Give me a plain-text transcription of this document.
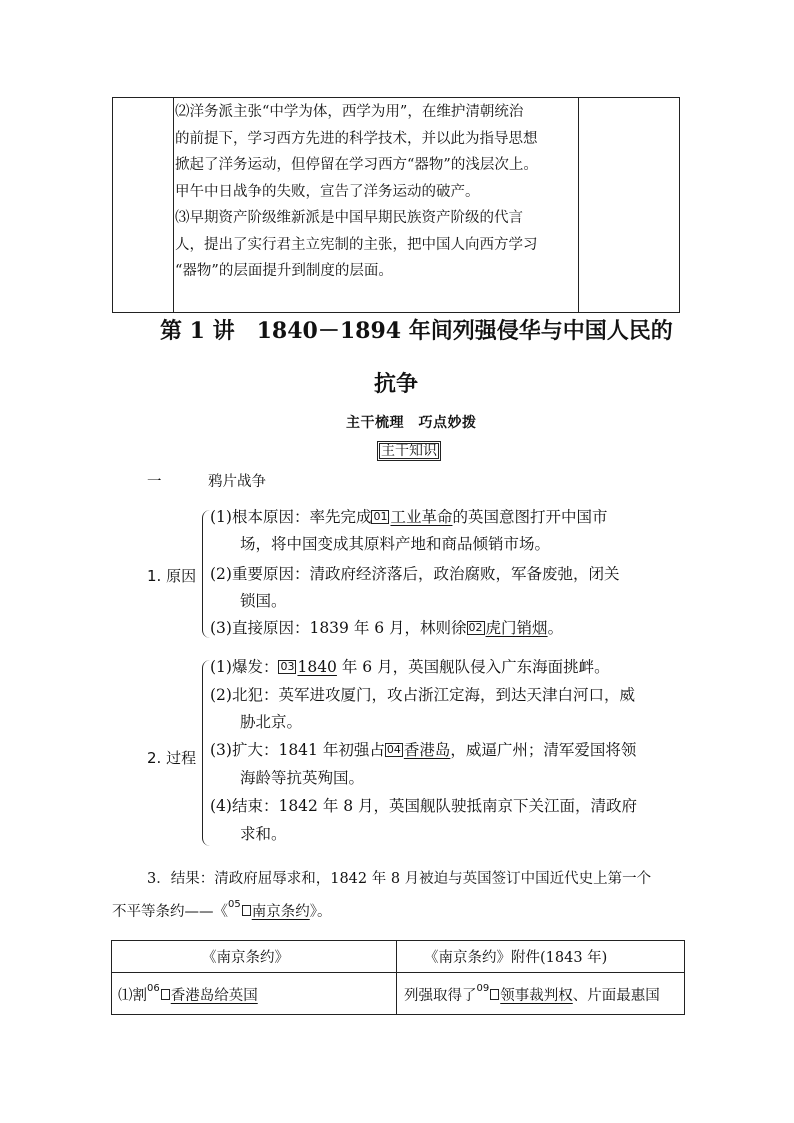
⑵洋务派主张“中学为体，西学为用”，在维护清朝统治

的前提下，学习西方先进的科学技术，并以此为指导思想

掀起了洋务运动，但停留在学习西方“器物”的浅层次上。

甲午中日战争的失败，宣告了洋务运动的破产。

⑶早期资产阶级维新派是中国早期民族资产阶级的代言

人，提出了实行君主立宪制的主张，把中国人向西方学习

“器物”的层面提升到制度的层面。

第 1 讲　1840－1894 年间列强侵华与中国人民的
抗争
主干梳理　巧点妙拨
主干知识
一	鸦片战争
1. 原因
(1)根本原因：率先完成 01 工业革命的英国意图打开中国市
场，将中国变成其原料产地和商品倾销市场。
(2)重要原因：清政府经济落后，政治腐败，军备废弛，闭关
锁国。
(3)直接原因：1839 年 6 月，林则徐 02 虎门销烟。
2. 过程
(1)爆发： 03 1840 年 6 月，英国舰队侵入广东海面挑衅。
(2)北犯：英军进攻厦门，攻占浙江定海，到达天津白河口，威
胁北京。
(3)扩大：1841 年初强占 04 香港岛，威逼广州；清军爱国将领
海龄等抗英殉国。
(4)结束：1842 年 8 月，英国舰队驶抵南京下关江面，清政府
求和。
3．结果：清政府屈辱求和，1842 年 8 月被迫与英国签订中国近代史上第一个
不平等条约——《$^{05}$ 南京条约》。
《南京条约》	《南京条约》附件(1843 年)
⑴割$^{06}$ 香港岛给英国	列强取得了$^{09}$ 领事裁判权、片面最惠国
